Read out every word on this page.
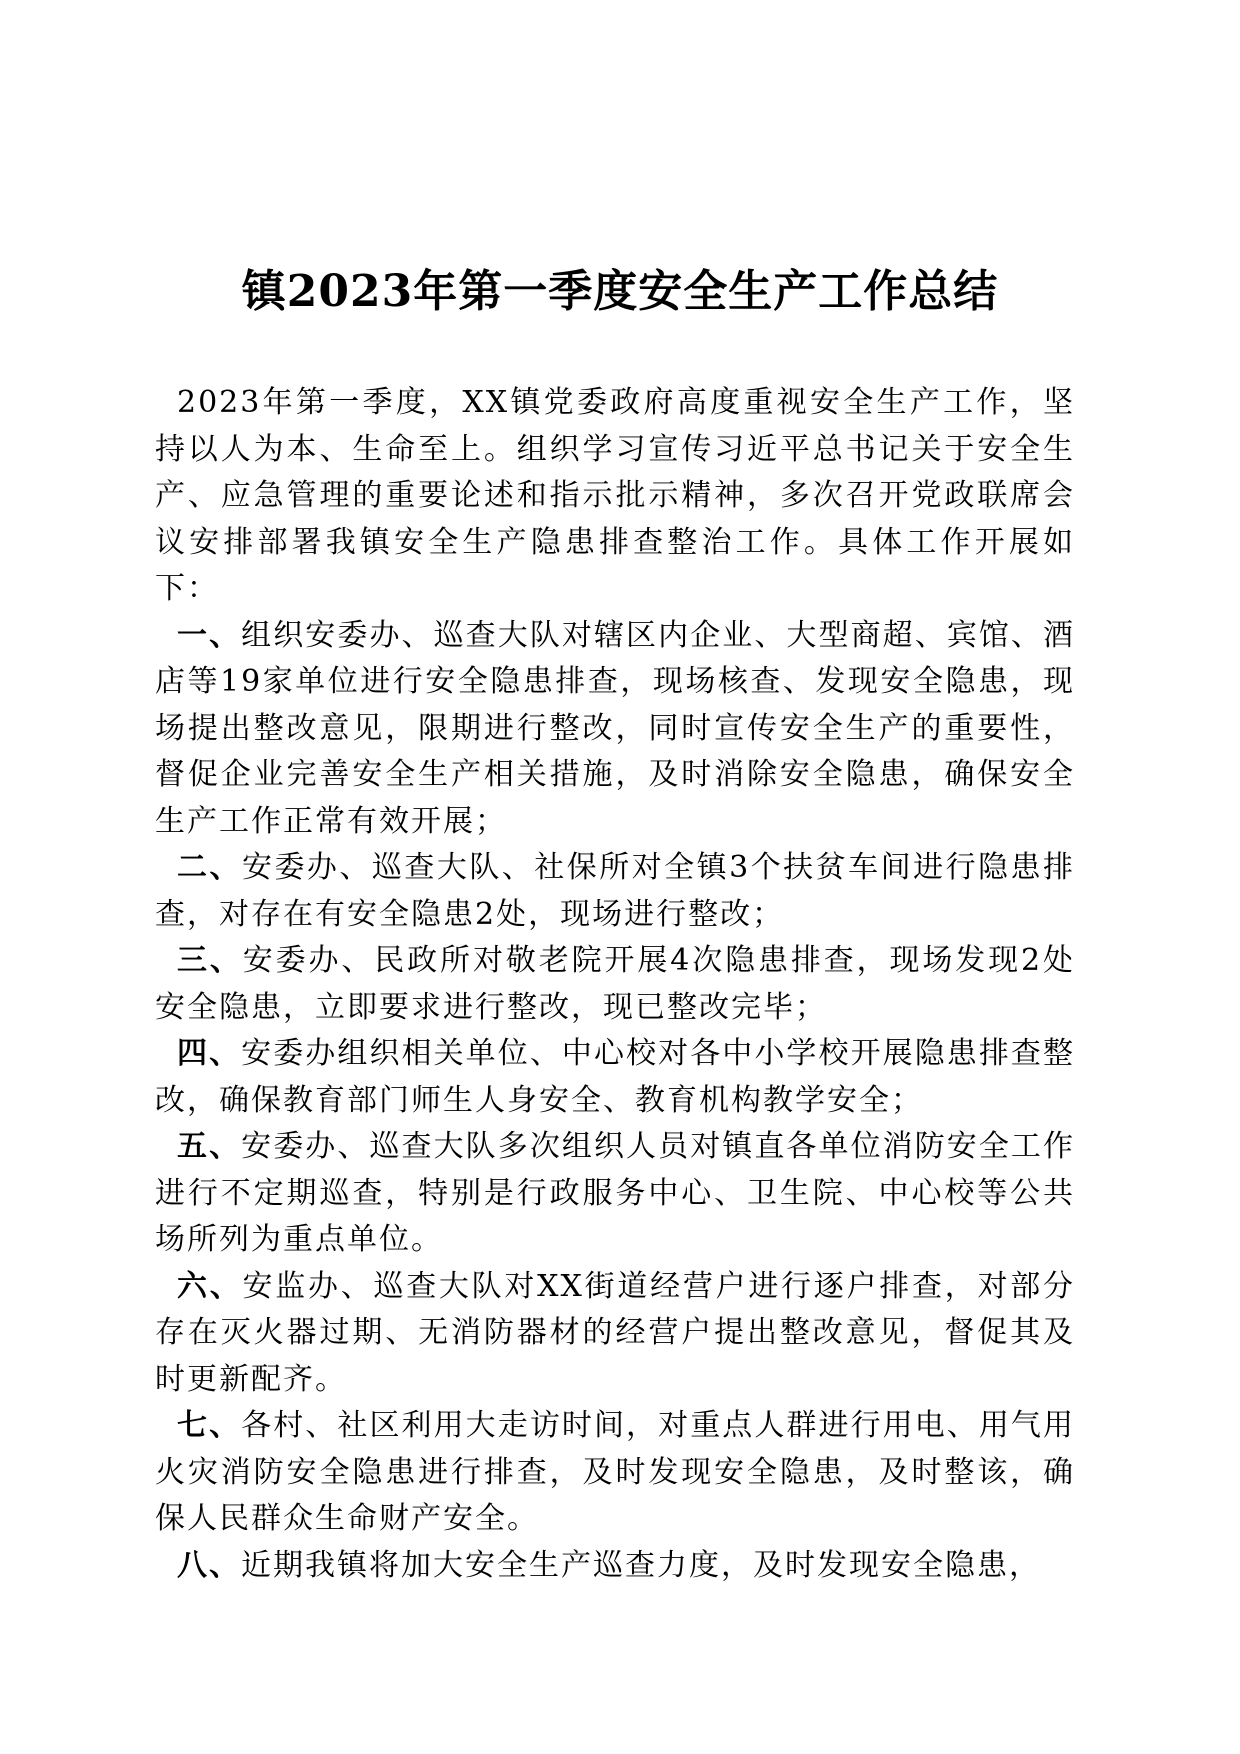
镇2023年第一季度安全生产工作总结

2023年第一季度，XX镇党委政府高度重视安全生产工作，坚持以人为本、生命至上。组织学习宣传习近平总书记关于安全生产、应急管理的重要论述和指示批示精神，多次召开党政联席会议安排部署我镇安全生产隐患排查整治工作。具体工作开展如下：

一、组织安委办、巡查大队对辖区内企业、大型商超、宾馆、酒店等19家单位进行安全隐患排查，现场核查、发现安全隐患，现场提出整改意见，限期进行整改，同时宣传安全生产的重要性，督促企业完善安全生产相关措施，及时消除安全隐患，确保安全生产工作正常有效开展；

二、安委办、巡查大队、社保所对全镇3个扶贫车间进行隐患排查，对存在有安全隐患2处，现场进行整改；

三、安委办、民政所对敬老院开展4次隐患排查，现场发现2处安全隐患，立即要求进行整改，现已整改完毕；

四、安委办组织相关单位、中心校对各中小学校开展隐患排查整改，确保教育部门师生人身安全、教育机构教学安全；

五、安委办、巡查大队多次组织人员对镇直各单位消防安全工作进行不定期巡查，特别是行政服务中心、卫生院、中心校等公共场所列为重点单位。

六、安监办、巡查大队对XX街道经营户进行逐户排查，对部分存在灭火器过期、无消防器材的经营户提出整改意见，督促其及时更新配齐。

七、各村、社区利用大走访时间，对重点人群进行用电、用气用火灾消防安全隐患进行排查，及时发现安全隐患，及时整该，确保人民群众生命财产安全。

八、近期我镇将加大安全生产巡查力度，及时发现安全隐患，
